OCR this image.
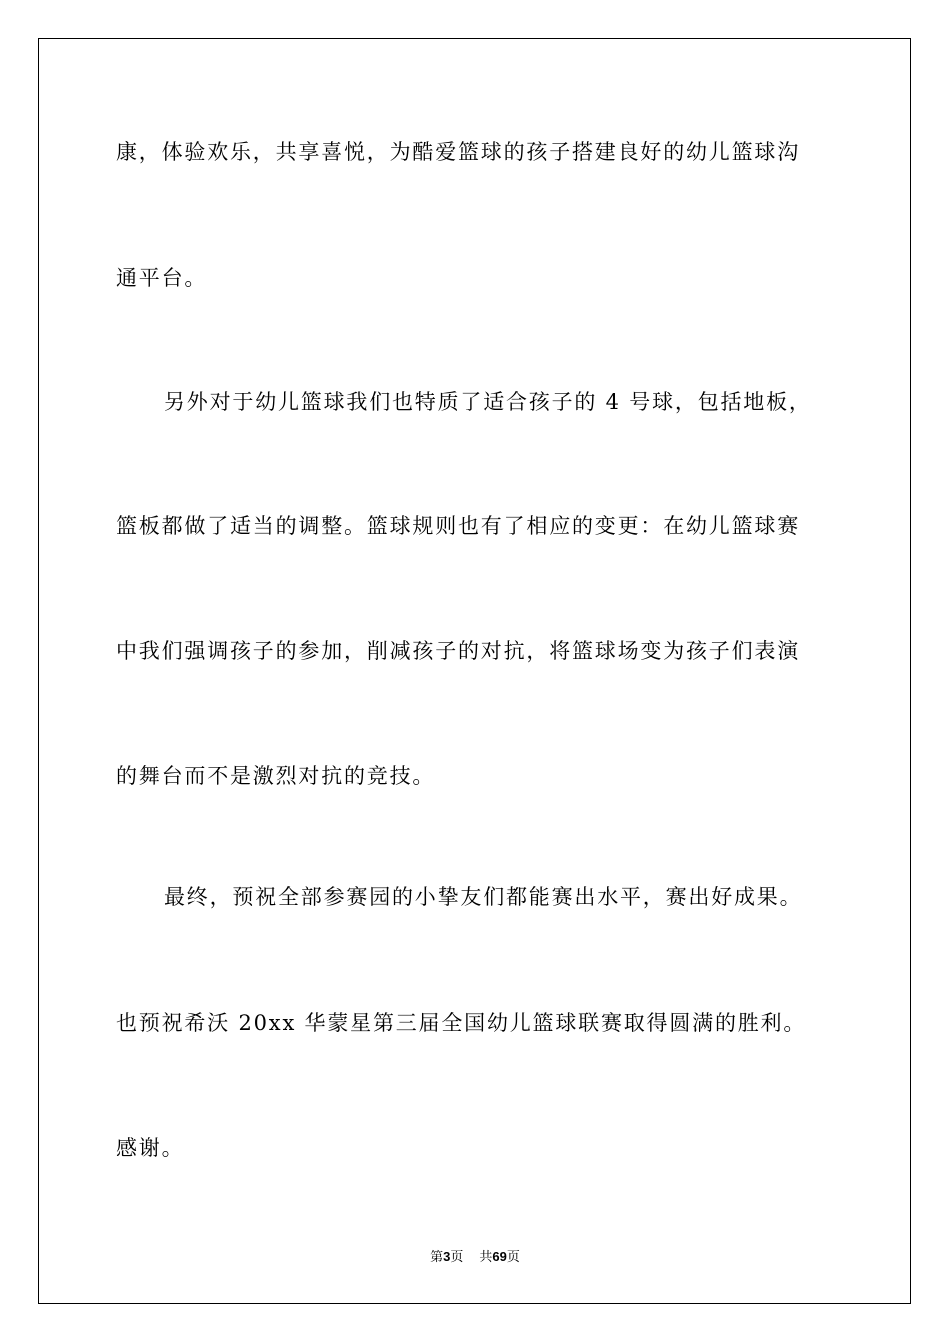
康，体验欢乐，共享喜悦，为酷爱篮球的孩子搭建良好的幼儿篮球沟
通平台。
另外对于幼儿篮球我们也特质了适合孩子的 4 号球，包括地板，
篮板都做了适当的调整。篮球规则也有了相应的变更：在幼儿篮球赛
中我们强调孩子的参加，削减孩子的对抗，将篮球场变为孩子们表演
的舞台而不是激烈对抗的竞技。
最终，预祝全部参赛园的小挚友们都能赛出水平，赛出好成果。
也预祝希沃 20xx 华蒙星第三届全国幼儿篮球联赛取得圆满的胜利。
感谢。
第3页 共69页
